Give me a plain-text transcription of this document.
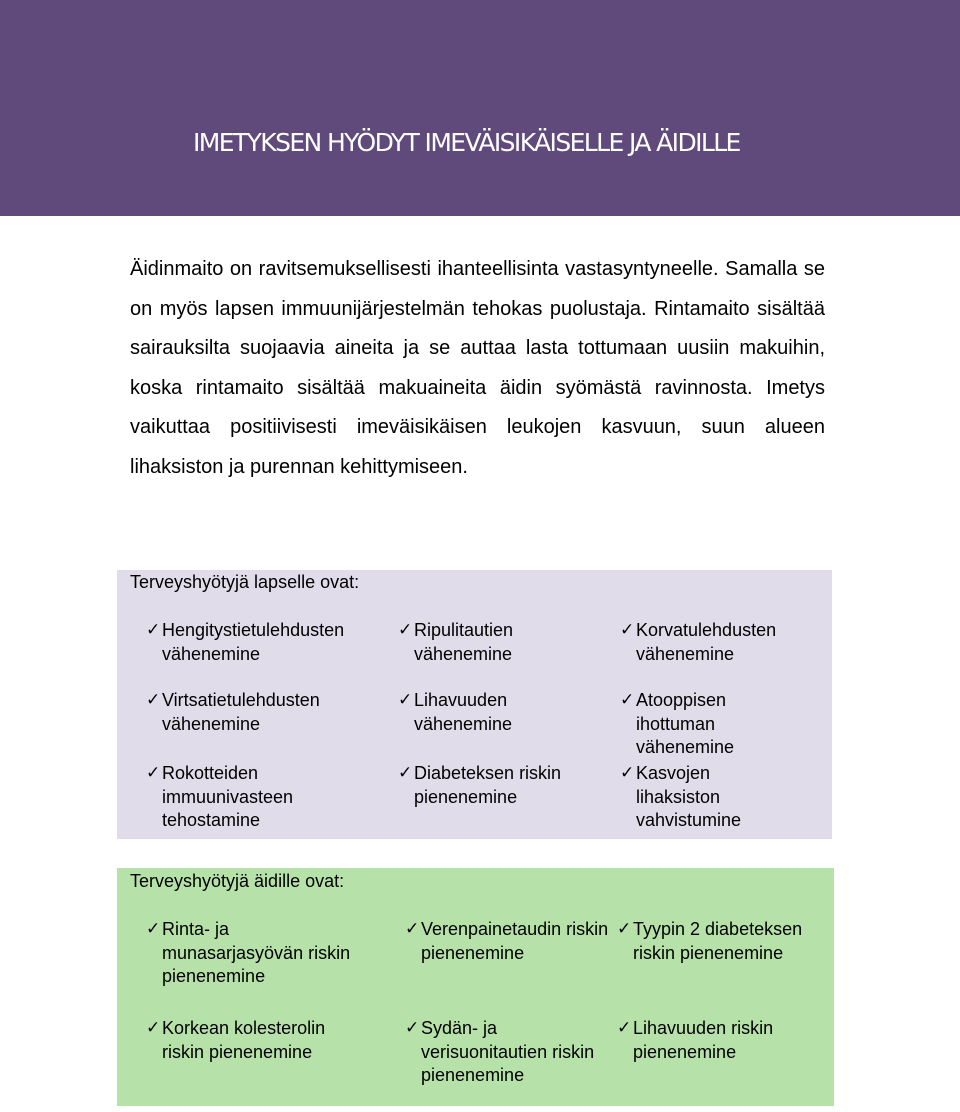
IMETYKSEN HYÖDYT IMEVÄISIKÄISELLE JA ÄIDILLE

Äidinmaito on ravitsemuksellisesti ihanteellisinta vastasyntyneelle. Samalla se on myös lapsen immuunijärjestelmän tehokas puolustaja. Rintamaito sisältää sairauksilta suojaavia aineita ja se auttaa lasta tottumaan uusiin makuihin, koska rintamaito sisältää makuaineita äidin syömästä ravinnosta. Imetys vaikuttaa positiivisesti imeväisikäisen leukojen kasvuun, suun alueen lihaksiston ja purennan kehittymiseen.

Terveyshyötyjä lapselle ovat:
✓ Hengitystietulehdusten vähenemine
✓ Ripulitautien vähenemine
✓ Korvatulehdusten vähenemine
✓ Virtsatietulehdusten vähenemine
✓ Lihavuuden vähenemine
✓ Atooppisen ihottuman vähenemine
✓ Rokotteiden immuunivasteen tehostamine
✓ Diabeteksen riskin pienenemine
✓ Kasvojen lihaksiston vahvistumine
Terveyshyötyjä äidille ovat:
✓ Rinta- ja munasarjasyövän riskin pienenemine
✓ Verenpainetaudin riskin pienenemine
✓ Tyypin 2 diabeteksen riskin pienenemine
✓ Korkean kolesterolin riskin pienenemine
✓ Sydän- ja verisuonitautien riskin pienenemine
✓ Lihavuuden riskin pienenemine
